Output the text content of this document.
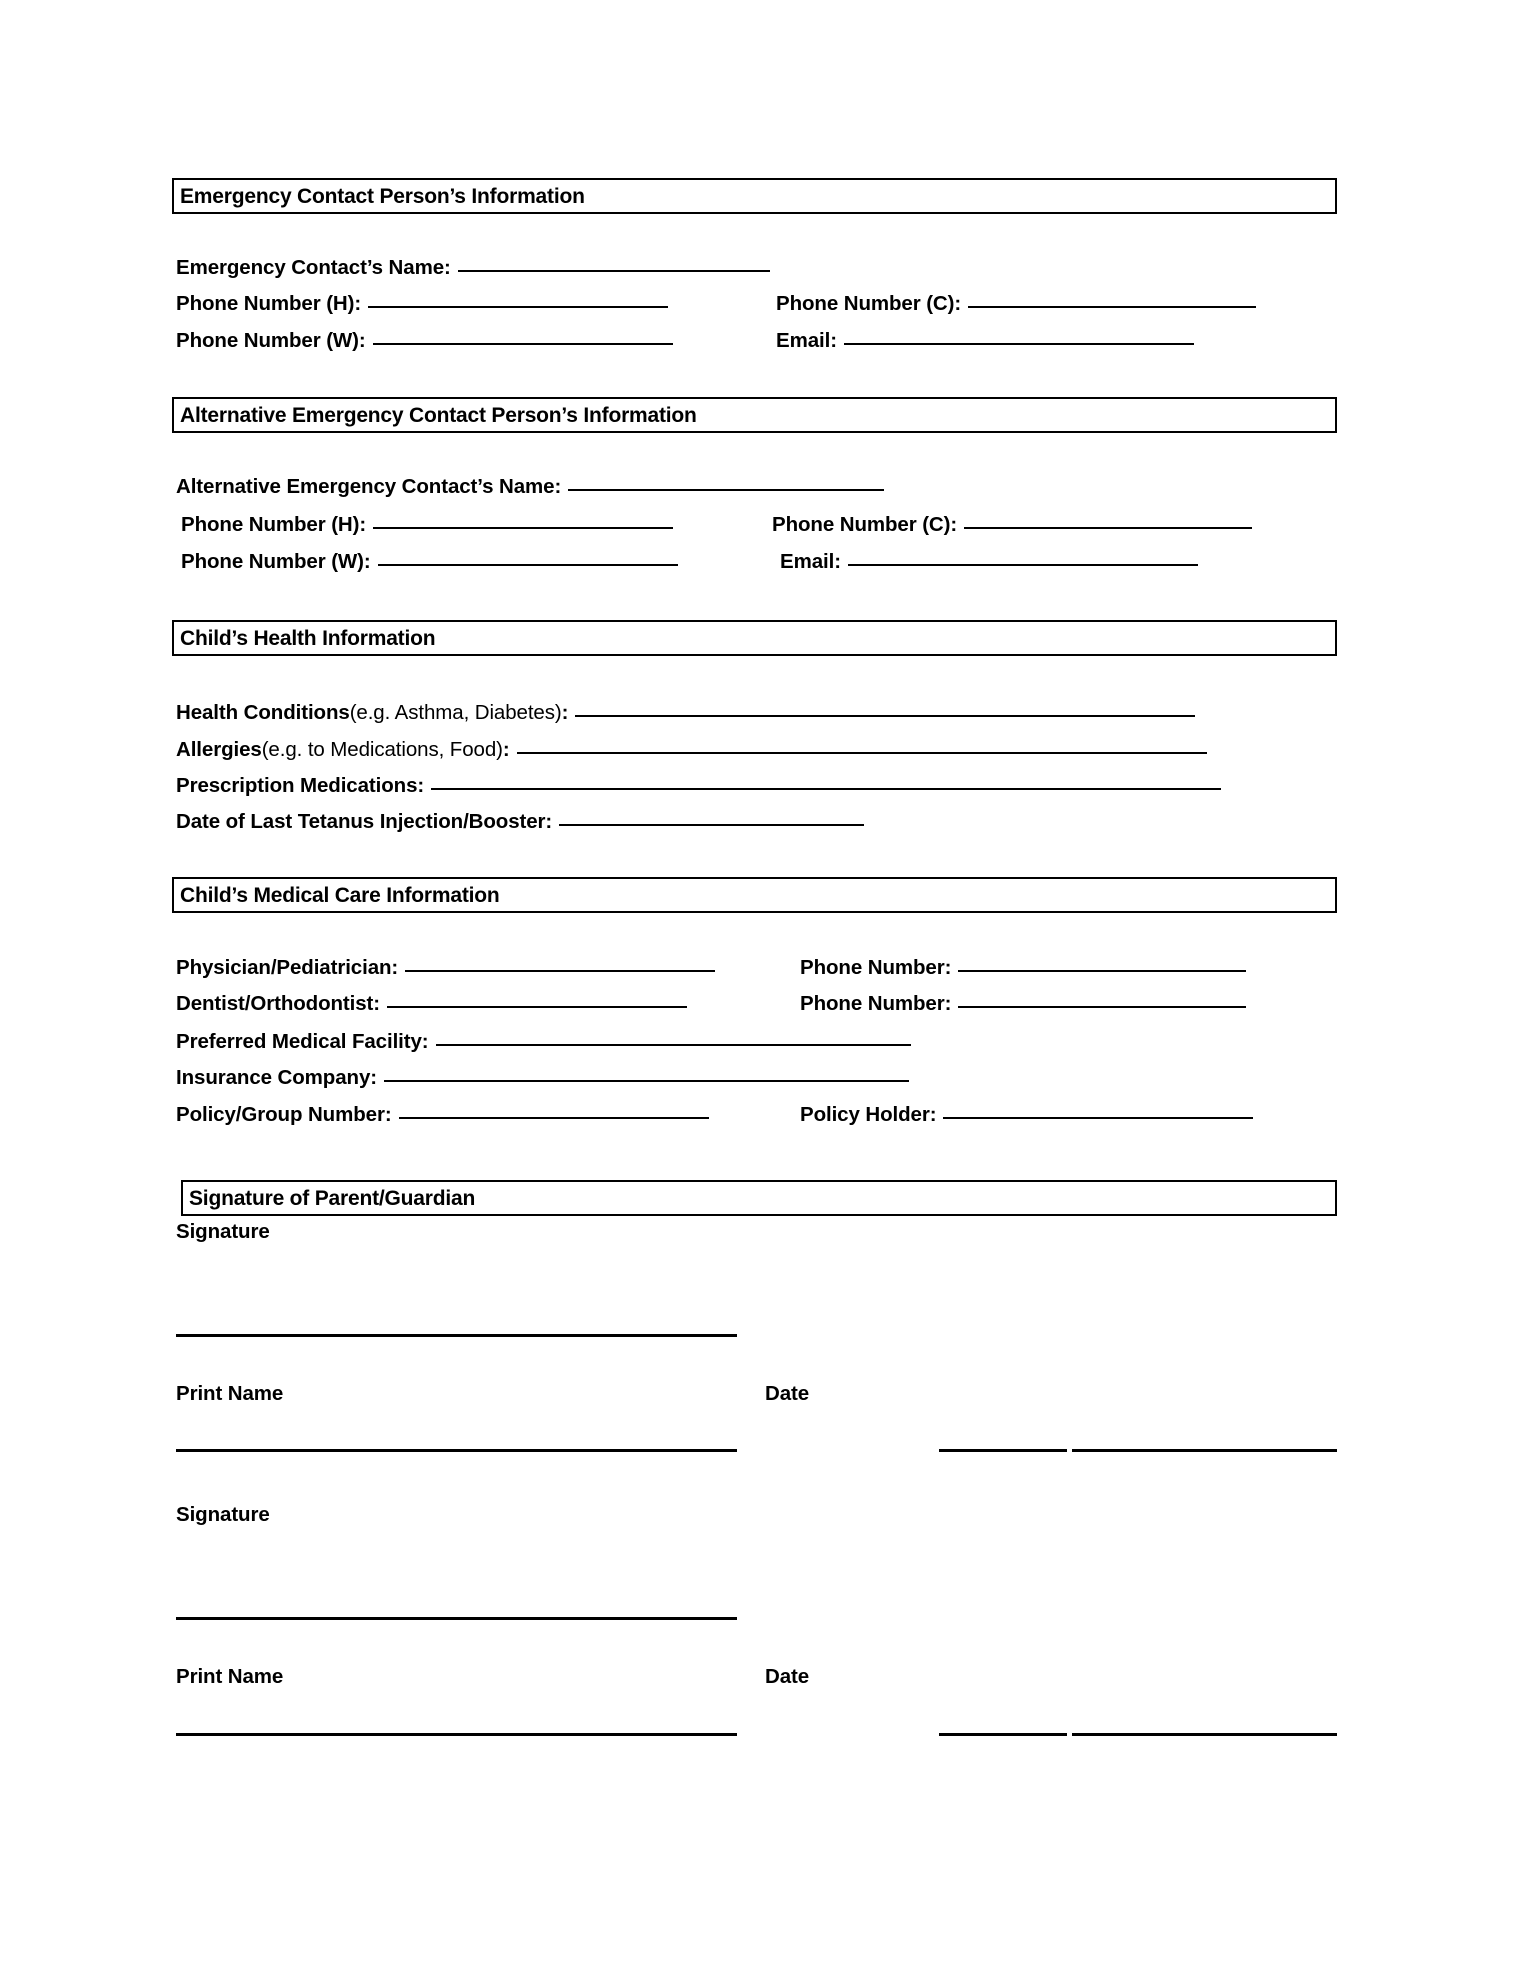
Emergency Contact Person’s Information
Emergency Contact’s Name:
Phone Number (H):	Phone Number (C):
Phone Number (W):	Email:
Alternative Emergency Contact Person’s Information
Alternative Emergency Contact’s Name:
Phone Number (H):	Phone Number (C):
Phone Number (W):	Email:
Child’s Health Information
Health Conditions (e.g. Asthma, Diabetes) :
Allergies (e.g. to Medications, Food) :
Prescription Medications:
Date of Last Tetanus Injection/Booster:
Child’s Medical Care Information
Physician/Pediatrician:	Phone Number:
Dentist/Orthodontist:	Phone Number:
Preferred Medical Facility:
Insurance Company:
Policy/Group Number:	Policy Holder:
Signature of Parent/Guardian
Signature
Print Name	Date
Signature
Print Name	Date
